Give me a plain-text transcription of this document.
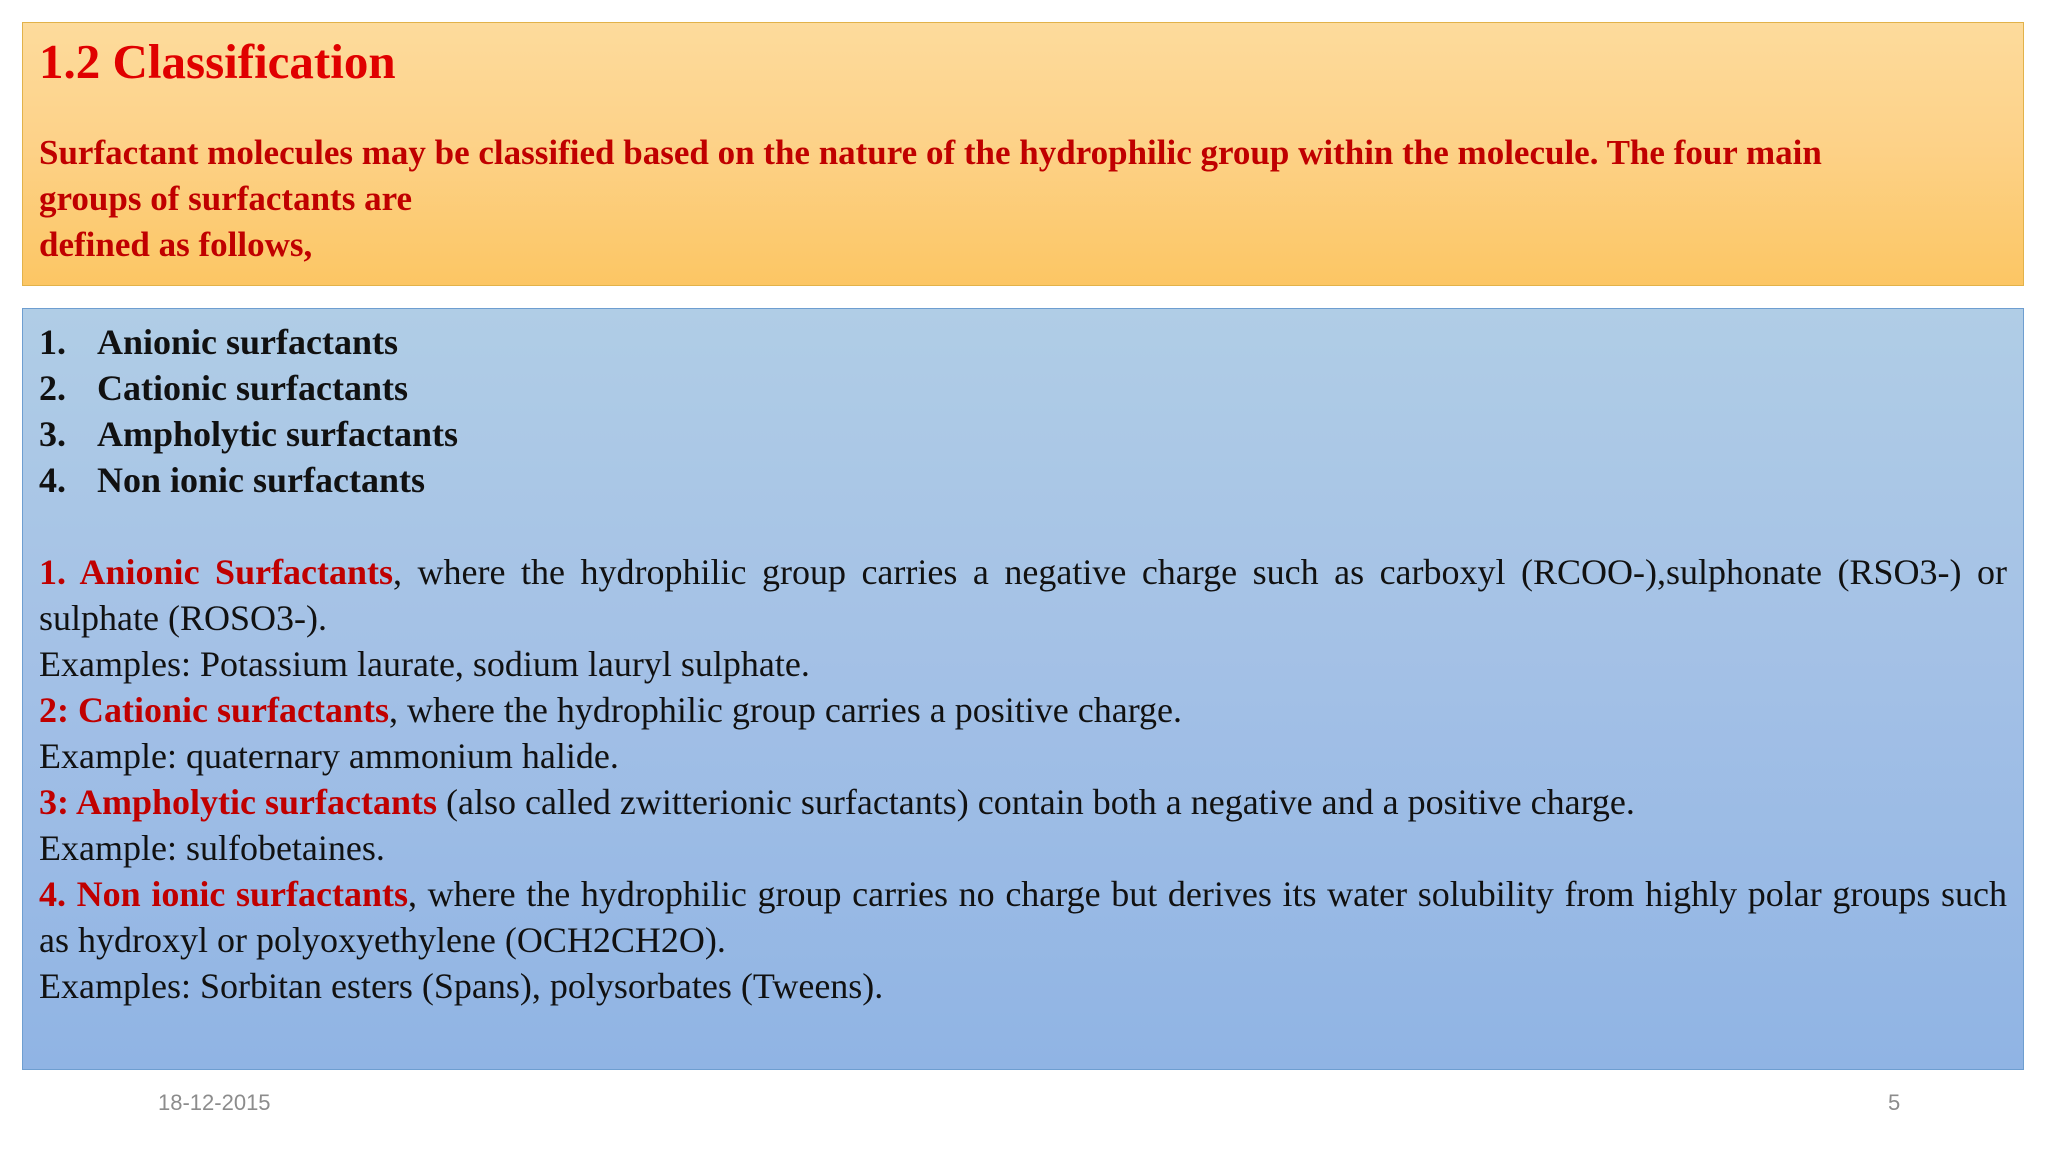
1.2 Classification
Surfactant molecules may be classified based on the nature of the hydrophilic group within the molecule. The four main
groups of surfactants are
defined as follows,
1. Anionic surfactants
2. Cationic surfactants
3. Ampholytic surfactants
4. Non ionic surfactants

1. Anionic Surfactants, where the hydrophilic group carries a negative charge such as carboxyl (RCOO-),sulphonate (RSO3-) or sulphate (ROSO3-).

Examples: Potassium laurate, sodium lauryl sulphate.

2: Cationic surfactants, where the hydrophilic group carries a positive charge.

Example: quaternary ammonium halide.

3: Ampholytic surfactants (also called zwitterionic surfactants) contain both a negative and a positive charge.

Example: sulfobetaines.

4. Non ionic surfactants, where the hydrophilic group carries no charge but derives its water solubility from highly polar groups such as hydroxyl or polyoxyethylene (OCH2CH2O).

Examples: Sorbitan esters (Spans), polysorbates (Tweens).

18-12-2015	5
